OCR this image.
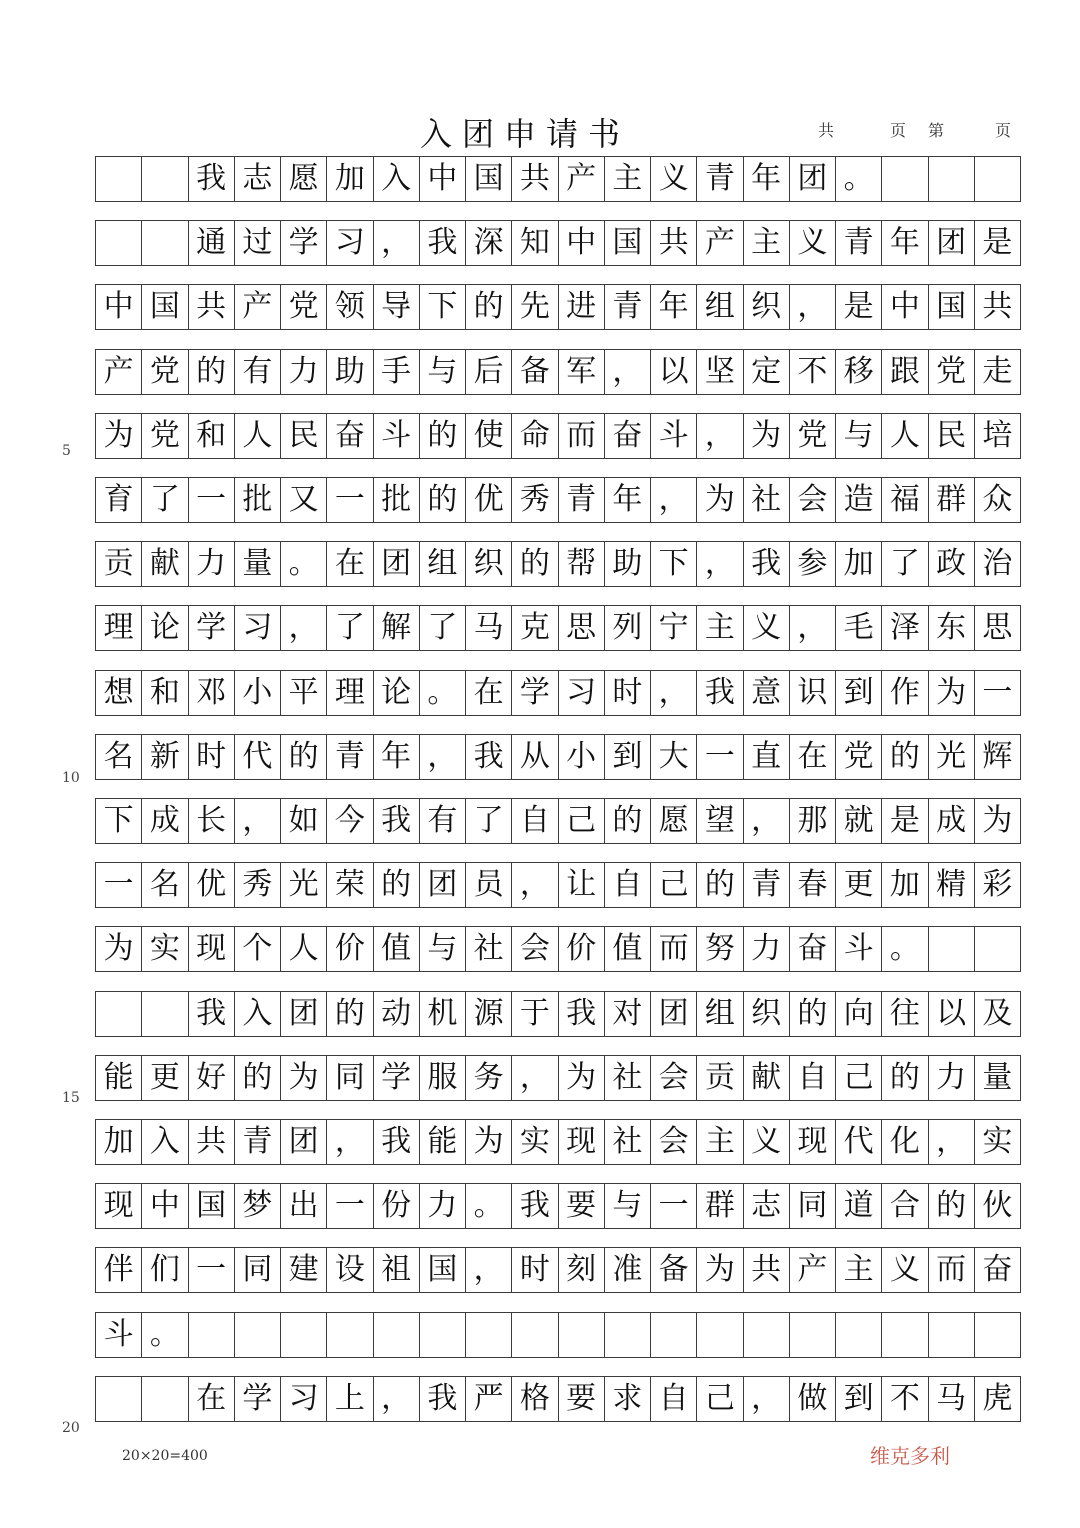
入团申请书	共	页 第	页
我 志 愿 加 入 中 国 共 产 主 义 青 年 团 。
通 过 学 习 ， 我 深 知 中 国 共 产 主 义 青 年 团 是
中 国 共 产 党 领 导 下 的 先 进 青 年 组 织 ， 是 中 国 共
产 党 的 有 力 助 手 与 后 备 军 ， 以 坚 定 不 移 跟 党 走
为 党 和 人 民 奋 斗 的 使 命 而 奋 斗 ， 为 党 与 人 民 培
育 了 一 批 又 一 批 的 优 秀 青 年 ， 为 社 会 造 福 群 众
贡 献 力 量 。 在 团 组 织 的 帮 助 下 ， 我 参 加 了 政 治
理 论 学 习 ， 了 解 了 马 克 思 列 宁 主 义 ， 毛 泽 东 思
想 和 邓 小 平 理 论 。 在 学 习 时 ， 我 意 识 到 作 为 一
名 新 时 代 的 青 年 ， 我 从 小 到 大 一 直 在 党 的 光 辉
下 成 长 ， 如 今 我 有 了 自 己 的 愿 望 ， 那 就 是 成 为
一 名 优 秀 光 荣 的 团 员 ， 让 自 己 的 青 春 更 加 精 彩
为 实 现 个 人 价 值 与 社 会 价 值 而 努 力 奋 斗 。
我 入 团 的 动 机 源 于 我 对 团 组 织 的 向 往 以 及
能 更 好 的 为 同 学 服 务 ， 为 社 会 贡 献 自 己 的 力 量
加 入 共 青 团 ， 我 能 为 实 现 社 会 主 义 现 代 化 ， 实
现 中 国 梦 出 一 份 力 。 我 要 与 一 群 志 同 道 合 的 伙
伴 们 一 同 建 设 祖 国 ， 时 刻 准 备 为 共 产 主 义 而 奋
斗 。
在 学 习 上 ， 我 严 格 要 求 自 己 ， 做 到 不 马 虎
5
10
15
20
20×20=400	维克多利
